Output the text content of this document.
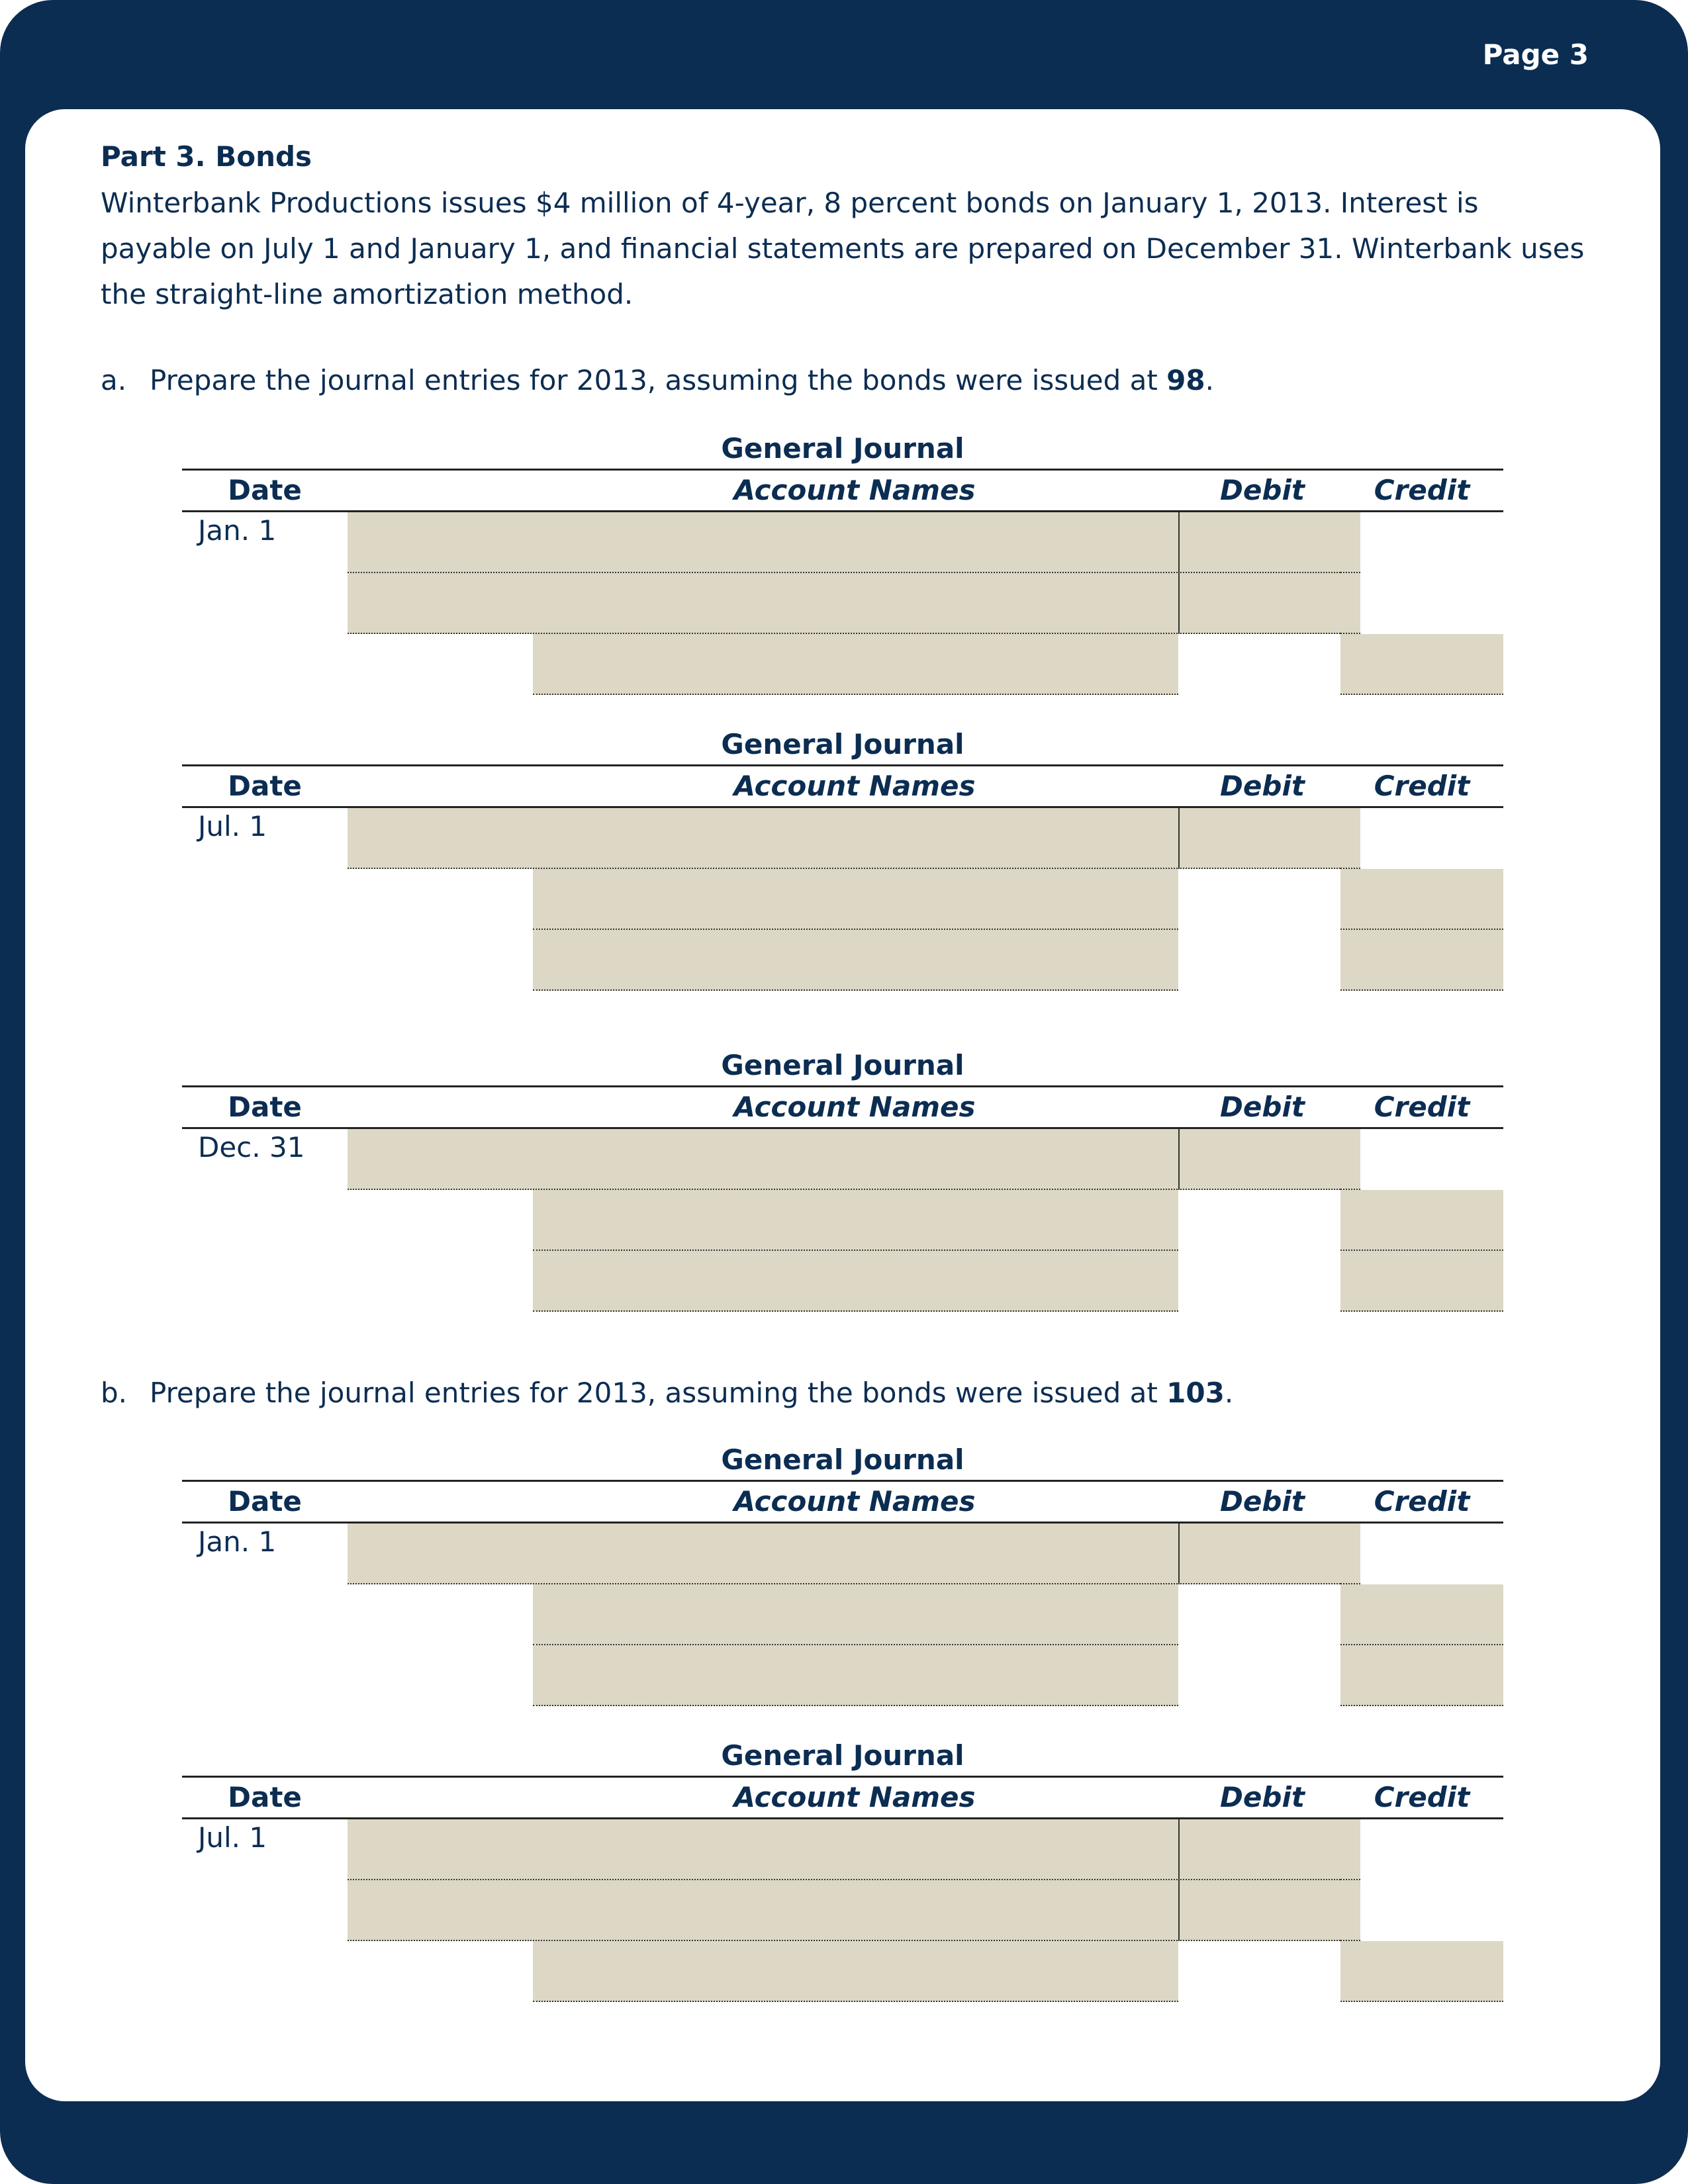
Page 3
Part 3. Bonds
Winterbank Productions issues $4 million of 4-year, 8 percent bonds on January 1, 2013. Interest is payable on July 1 and January 1, and financial statements are prepared on December 31. Winterbank uses the straight-line amortization method.
a. Prepare the journal entries for 2013, assuming the bonds were issued at 98.
General Journal
Date	Account Names	Debit	Credit
Jan. 1
General Journal
Date	Account Names	Debit	Credit
Jul. 1
General Journal
Date	Account Names	Debit	Credit
Dec. 31
b. Prepare the journal entries for 2013, assuming the bonds were issued at 103.
General Journal
Date	Account Names	Debit	Credit
Jan. 1
General Journal
Date	Account Names	Debit	Credit
Jul. 1
